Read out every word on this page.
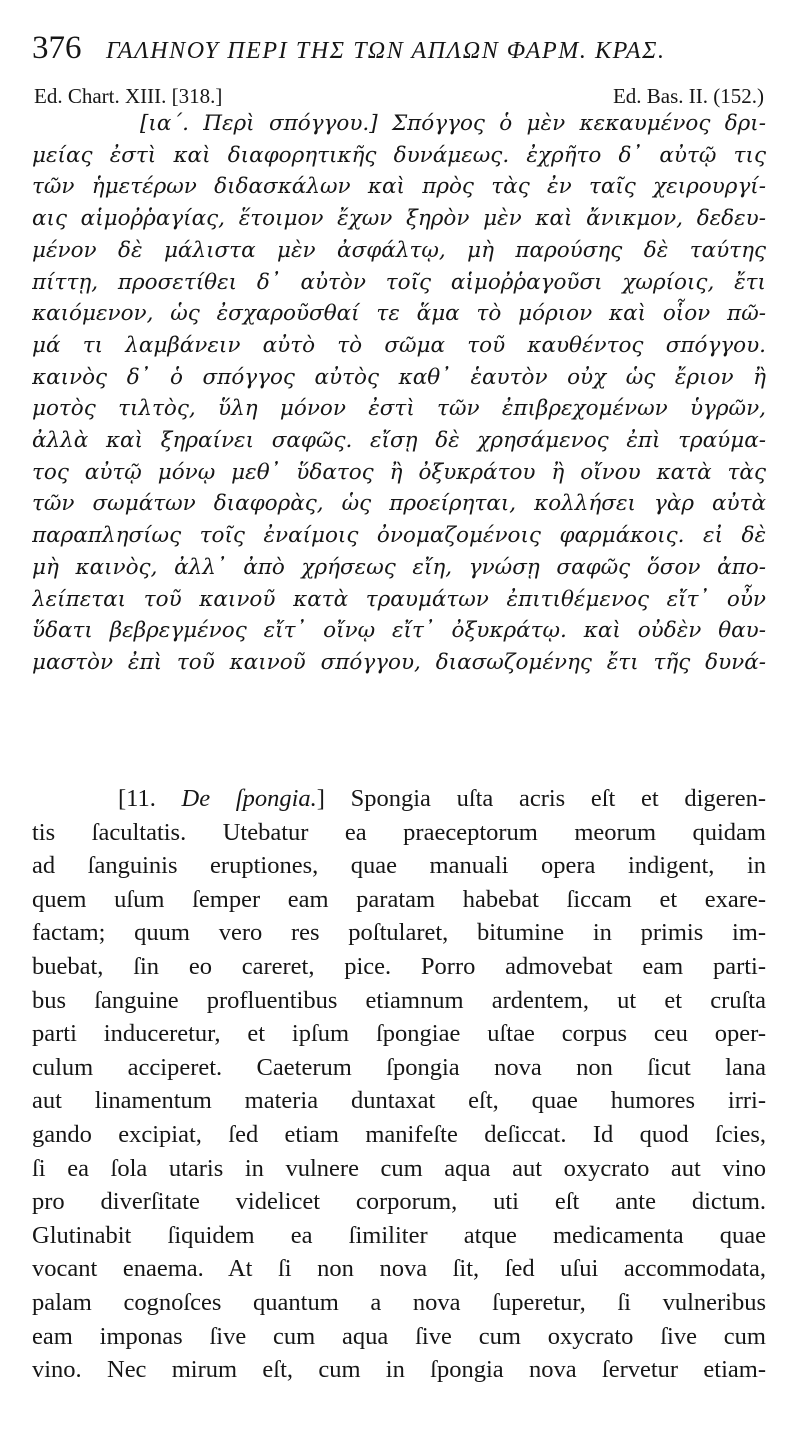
376	ΓΑΛΗΝΟΥ ΠΕΡΙ ΤΗΣ ΤΩΝ ΑΠΛΩΝ ΦΑΡΜ. ΚΡΑΣ.
Ed. Chart. XIII. [318.]	Ed. Bas. II. (152.)
[ια΄. Περὶ σπόγγου.] Σπόγγος ὁ μὲν κεκαυμένος δρι-
μείας ἐστὶ καὶ διαφορητικῆς δυνάμεως. ἐχρῆτο δ᾽ αὐτῷ τις
τῶν ἡμετέρων διδασκάλων καὶ πρὸς τὰς ἐν ταῖς χειρουργί-
αις αἱμοῤῥαγίας, ἕτοιμον ἔχων ξηρὸν μὲν καὶ ἄνικμον, δεδευ-
μένον δὲ μάλιστα μὲν ἀσφάλτῳ, μὴ παρούσης δὲ ταύτης
πίττῃ, προσετίθει δ᾽ αὐτὸν τοῖς αἱμοῤῥαγοῦσι χωρίοις, ἔτι
καιόμενον, ὡς ἐσχαροῦσθαί τε ἅμα τὸ μόριον καὶ οἷον πῶ-
μά τι λαμβάνειν αὐτὸ τὸ σῶμα τοῦ καυθέντος σπόγγου.
καινὸς δ᾽ ὁ σπόγγος αὐτὸς καθ᾽ ἑαυτὸν οὐχ ὡς ἔριον ἢ
μοτὸς τιλτὸς, ὕλη μόνον ἐστὶ τῶν ἐπιβρεχομένων ὑγρῶν,
ἀλλὰ καὶ ξηραίνει σαφῶς. εἴσῃ δὲ χρησάμενος ἐπὶ τραύμα-
τος αὐτῷ μόνῳ μεθ᾽ ὕδατος ἢ ὀξυκράτου ἢ οἴνου κατὰ τὰς
τῶν σωμάτων διαφορὰς, ὡς προείρηται, κολλήσει γὰρ αὐτὰ
παραπλησίως τοῖς ἐναίμοις ὀνομαζομένοις φαρμάκοις. εἰ δὲ
μὴ καινὸς, ἀλλ᾽ ἀπὸ χρήσεως εἴη, γνώσῃ σαφῶς ὅσον ἀπο-
λείπεται τοῦ καινοῦ κατὰ τραυμάτων ἐπιτιθέμενος εἴτ᾽ οὖν
ὕδατι βεβρεγμένος εἴτ᾽ οἴνῳ εἴτ᾽ ὀξυκράτῳ. καὶ οὐδὲν θαυ-
μαστὸν ἐπὶ τοῦ καινοῦ σπόγγου, διασωζομένης ἔτι τῆς δυνά-
[11. De ſpongia.] Spongia uſta acris eſt et digeren-
tis ſacultatis. Utebatur ea praeceptorum meorum quidam
ad ſanguinis eruptiones, quae manuali opera indigent, in
quem uſum ſemper eam paratam habebat ſiccam et exare-
factam; quum vero res poſtularet, bitumine in primis im-
buebat, ſin eo careret, pice. Porro admovebat eam parti-
bus ſanguine profluentibus etiamnum ardentem, ut et cruſta
parti induceretur, et ipſum ſpongiae uſtae corpus ceu oper-
culum acciperet. Caeterum ſpongia nova non ſicut lana
aut linamentum materia duntaxat eſt, quae humores irri-
gando excipiat, ſed etiam manifeſte deſiccat. Id quod ſcies,
ſi ea ſola utaris in vulnere cum aqua aut oxycrato aut vino
pro diverſitate videlicet corporum, uti eſt ante dictum.
Glutinabit ſiquidem ea ſimiliter atque medicamenta quae
vocant enaema. At ſi non nova ſit, ſed uſui accommodata,
palam cognoſces quantum a nova ſuperetur, ſi vulneribus
eam imponas ſive cum aqua ſive cum oxycrato ſive cum
vino. Nec mirum eſt, cum in ſpongia nova ſervetur etiam-
